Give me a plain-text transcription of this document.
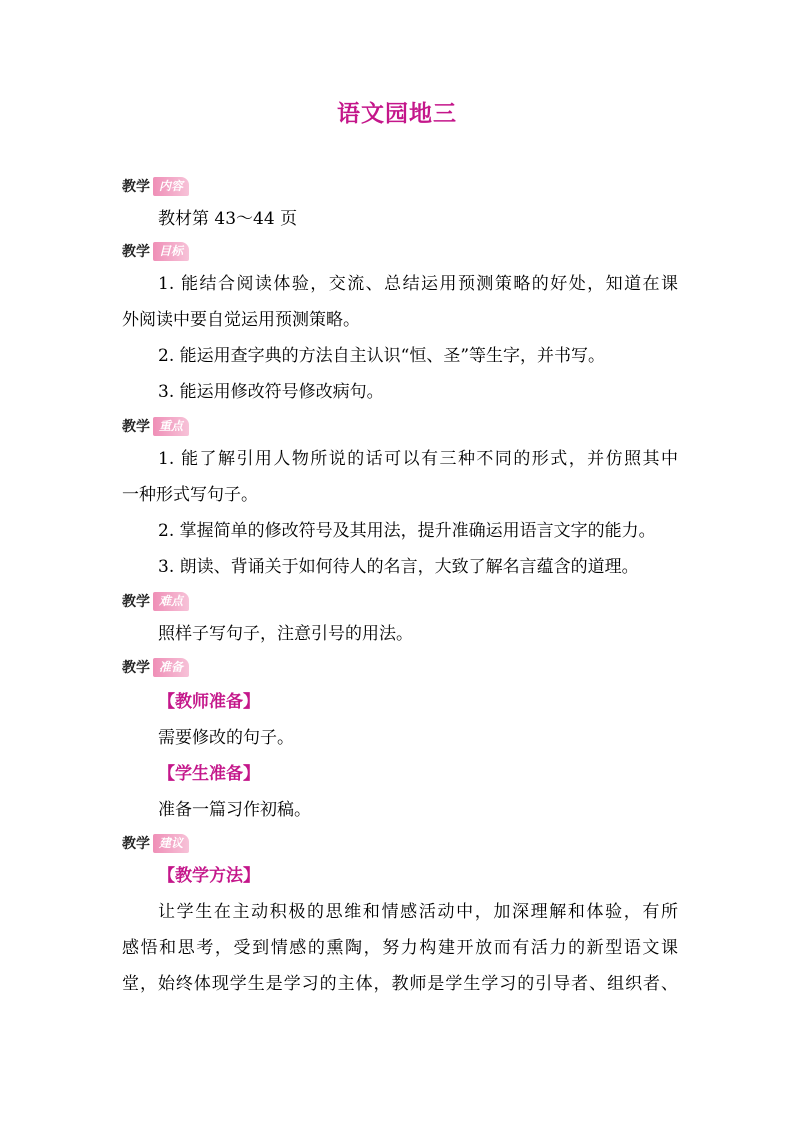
语文园地三
教学 内容
教材第 43～44 页
教学 目标
1. 能结合阅读体验，交流、总结运用预测策略的好处，知道在课
外阅读中要自觉运用预测策略。
2. 能运用查字典的方法自主认识“恒、圣”等生字，并书写。
3. 能运用修改符号修改病句。
教学 重点
1. 能了解引用人物所说的话可以有三种不同的形式，并仿照其中
一种形式写句子。
2. 掌握简单的修改符号及其用法，提升准确运用语言文字的能力。
3. 朗读、背诵关于如何待人的名言，大致了解名言蕴含的道理。
教学 难点
照样子写句子，注意引号的用法。
教学 准备
【教师准备】
需要修改的句子。
【学生准备】
准备一篇习作初稿。
教学 建议
【教学方法】
让学生在主动积极的思维和情感活动中，加深理解和体验，有所
感悟和思考，受到情感的熏陶，努力构建开放而有活力的新型语文课
堂，始终体现学生是学习的主体，教师是学生学习的引导者、组织者、
